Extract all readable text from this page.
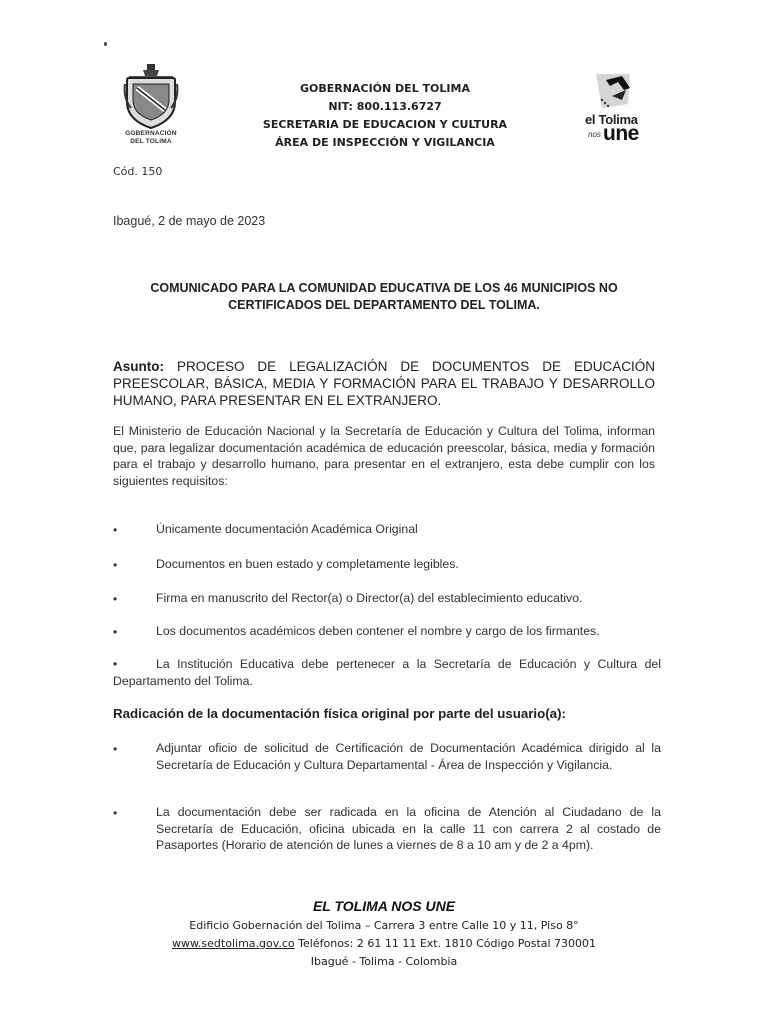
GOBERNACIÓN
DEL TOLIMA
GOBERNACIÓN DEL TOLIMA
NIT: 800.113.6727
SECRETARIA DE EDUCACION Y CULTURA
ÁREA DE INSPECCIÓN Y VIGILANCIA
el Tolima
nos une
Cód. 150
Ibagué, 2 de mayo de 2023
COMUNICADO PARA LA COMUNIDAD EDUCATIVA DE LOS 46 MUNICIPIOS NO
CERTIFICADOS DEL DEPARTAMENTO DEL TOLIMA.
Asunto: PROCESO DE LEGALIZACIÓN DE DOCUMENTOS DE EDUCACIÓN PREESCOLAR, BÁSICA, MEDIA Y FORMACIÓN PARA EL TRABAJO Y DESARROLLO HUMANO, PARA PRESENTAR EN EL EXTRANJERO.
El Ministerio de Educación Nacional y la Secretaría de Educación y Cultura del Tolima, informan que, para legalizar documentación académica de educación preescolar, básica, media y formación para el trabajo y desarrollo humano, para presentar en el extranjero, esta debe cumplir con los siguientes requisitos:
•	Únicamente documentación Académica Original
•	Documentos en buen estado y completamente legibles.
•	Firma en manuscrito del Rector(a) o Director(a) del establecimiento educativo.
•	Los documentos académicos deben contener el nombre y cargo de los firmantes.
•	La Institución Educativa debe pertenecer a la Secretaría de Educación y Cultura del Departamento del Tolima.
Radicación de la documentación física original por parte del usuario(a):
•	Adjuntar oficio de solicitud de Certificación de Documentación Académica dirigido al la Secretaría de Educación y Cultura Departamental - Área de Inspección y Vigilancia.
•	La documentación debe ser radicada en la oficina de Atención al Ciudadano de la Secretaría de Educación, oficina ubicada en la calle 11 con carrera 2 al costado de Pasaportes (Horario de atención de lunes a viernes de 8 a 10 am y de 2 a 4pm).
EL TOLIMA NOS UNE
Edificio Gobernación del Tolima – Carrera 3 entre Calle 10 y 11, Piso 8°
www.sedtolima.gov.co Teléfonos: 2 61 11 11 Ext. 1810 Código Postal 730001
Ibagué - Tolima - Colombia
